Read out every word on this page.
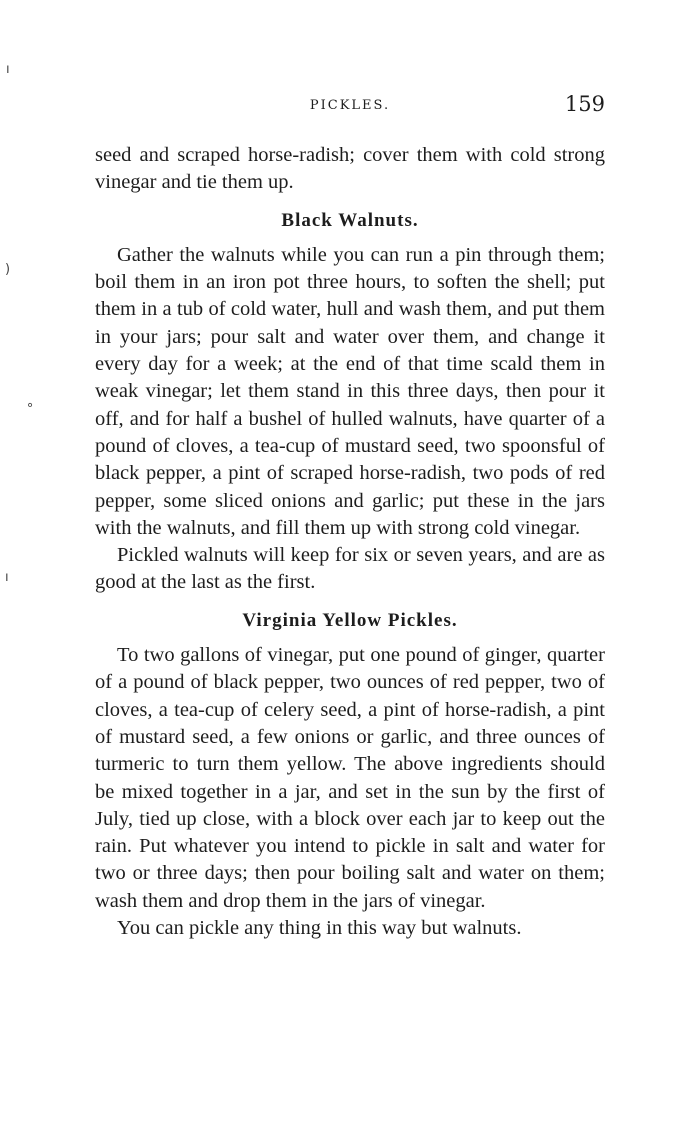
ı
)
∘
ı
PICKLES.	159

seed and scraped horse-radish; cover them with cold strong vinegar and tie them up.

Black Walnuts.

Gather the walnuts while you can run a pin through them; boil them in an iron pot three hours, to soften the shell; put them in a tub of cold water, hull and wash them, and put them in your jars; pour salt and water over them, and change it every day for a week; at the end of that time scald them in weak vinegar; let them stand in this three days, then pour it off, and for half a bushel of hulled walnuts, have quarter of a pound of cloves, a tea-cup of mustard seed, two spoonsful of black pepper, a pint of scraped horse-radish, two pods of red pepper, some sliced onions and garlic; put these in the jars with the walnuts, and fill them up with strong cold vinegar.

Pickled walnuts will keep for six or seven years, and are as good at the last as the first.

Virginia Yellow Pickles.

To two gallons of vinegar, put one pound of ginger, quarter of a pound of black pepper, two ounces of red pepper, two of cloves, a tea-cup of celery seed, a pint of horse-radish, a pint of mustard seed, a few onions or garlic, and three ounces of turmeric to turn them yellow. The above ingredients should be mixed together in a jar, and set in the sun by the first of July, tied up close, with a block over each jar to keep out the rain. Put whatever you intend to pickle in salt and water for two or three days; then pour boiling salt and water on them; wash them and drop them in the jars of vinegar.

You can pickle any thing in this way but walnuts.
